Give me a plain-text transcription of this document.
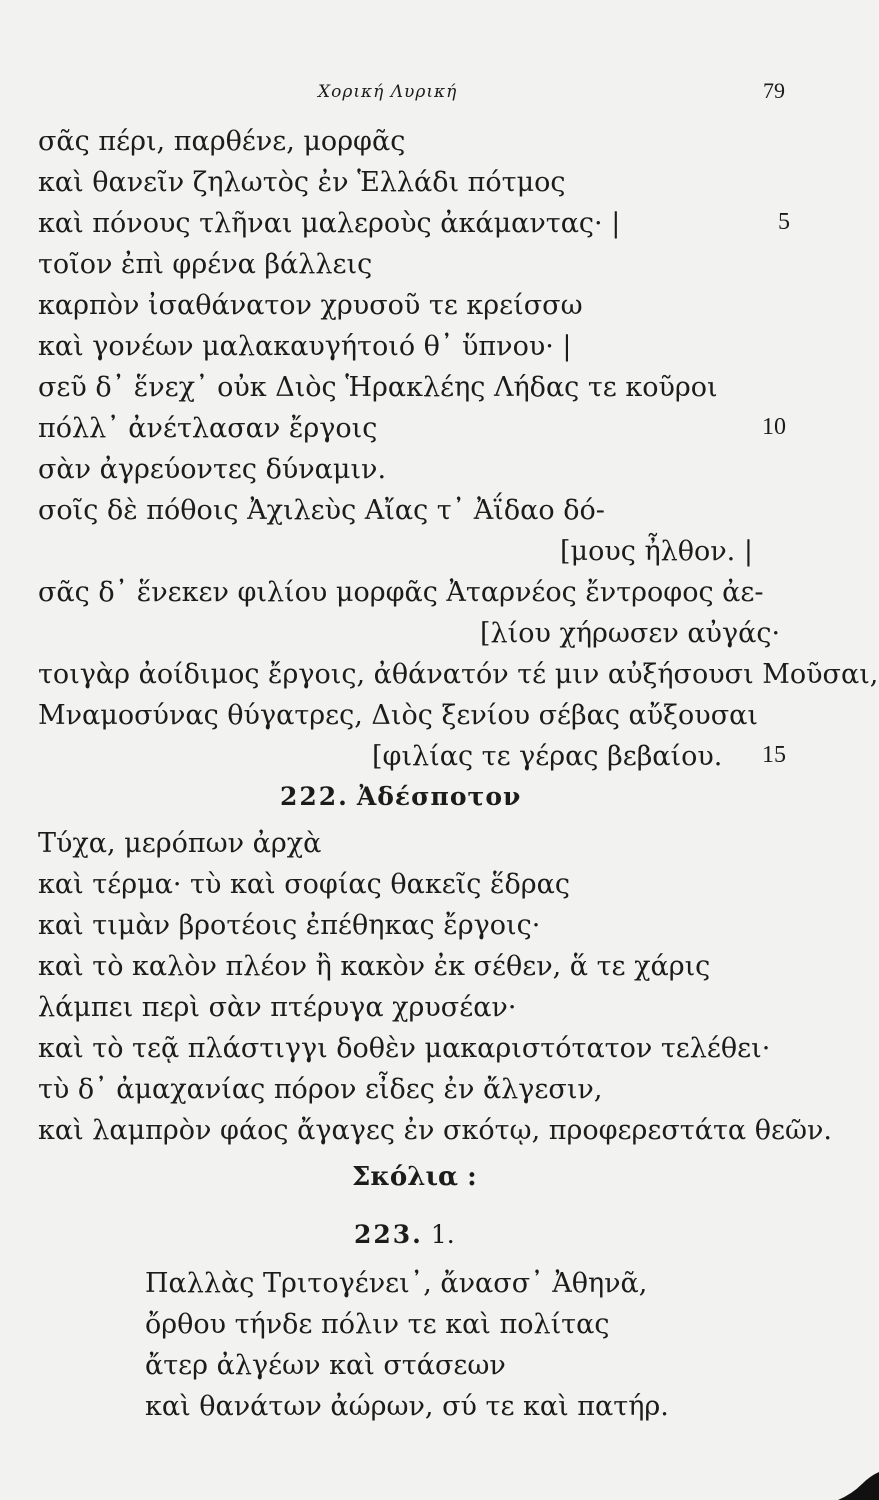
Χορική Λυρική	79
σᾶς πέρι, παρθένε, μορφᾶς
καὶ θανεῖν ζηλωτὸς ἐν Ἑλλάδι πότμος
καὶ πόνους τλῆναι μαλεροὺς ἀκάμαντας· |
τοῖον ἐπὶ φρένα βάλλεις
καρπὸν ἰσαθάνατον χρυσοῦ τε κρείσσω
καὶ γονέων μαλακαυγήτοιό θ᾽ ὕπνου· |
σεῦ δ᾽ ἕνεχ᾽ οὐκ Διὸς Ἡρακλέης Λήδας τε κοῦροι
πόλλ᾽ ἀνέτλασαν ἔργοις
σὰν ἀγρεύοντες δύναμιν.
σοῖς δὲ πόθοις Ἀχιλεὺς Αἴας τ᾽ Ἀΐδαο δό-
[μους ἦλθον. |
σᾶς δ᾽ ἕνεκεν φιλίου μορφᾶς Ἀταρνέος ἔντροφος ἀε-
[λίου χήρωσεν αὐγάς·
τοιγὰρ ἀοίδιμος ἔργοις, ἀθάνατόν τέ μιν αὐξήσουσι Μοῦσαι,
Μναμοσύνας θύγατρες, Διὸς ξενίου σέβας αὔξουσαι
[φιλίας τε γέρας βεβαίου.
5
10
15
222. Ἀδέσποτον
Τύχα, μερόπων ἀρχὰ
καὶ τέρμα· τὺ καὶ σοφίας θακεῖς ἕδρας
καὶ τιμὰν βροτέοις ἐπέθηκας ἔργοις·
καὶ τὸ καλὸν πλέον ἢ κακὸν ἐκ σέθεν, ἅ τε χάρις
λάμπει περὶ σὰν πτέρυγα χρυσέαν·
καὶ τὸ τεᾷ πλάστιγγι δοθὲν μακαριστότατον τελέθει·
τὺ δ᾽ ἀμαχανίας πόρον εἶδες ἐν ἄλγεσιν,
καὶ λαμπρὸν φάος ἄγαγες ἐν σκότῳ, προφερεστάτα θεῶν.
Σκόλια :
223. 1.
Παλλὰς Τριτογένει᾽, ἄνασσ᾽ Ἀθηνᾶ,
ὄρθου τήνδε πόλιν τε καὶ πολίτας
ἄτερ ἀλγέων καὶ στάσεων
καὶ θανάτων ἀώρων, σύ τε καὶ πατήρ.
